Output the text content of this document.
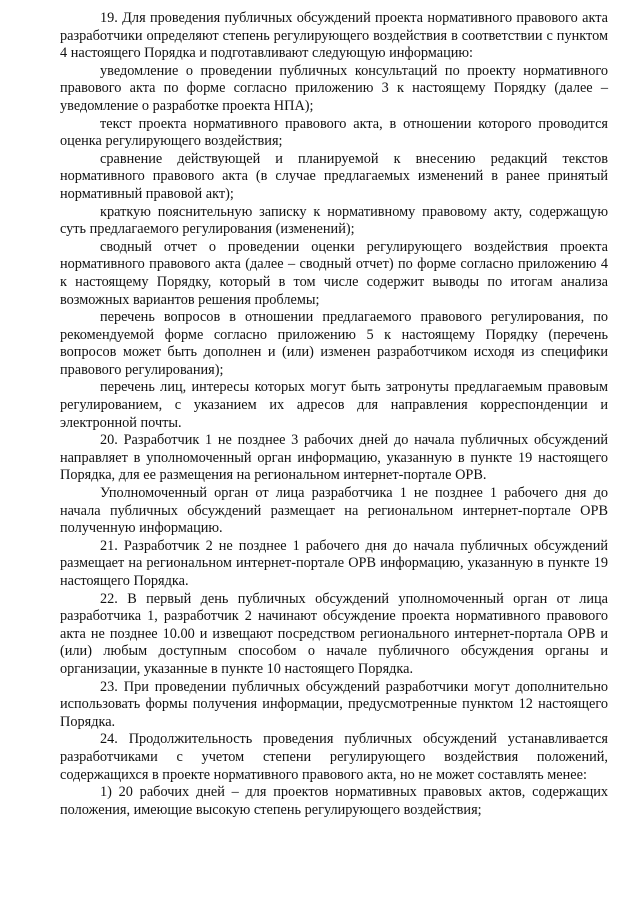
19. Для проведения публичных обсуждений проекта нормативного правового акта разработчики определяют степень регулирующего воздействия в соответствии с пунктом 4 настоящего Порядка и подготавливают следующую информацию:

уведомление о проведении публичных консультаций по проекту нормативного правового акта по форме согласно приложению 3 к настоящему Порядку (далее – уведомление о разработке проекта НПА);

текст проекта нормативного правового акта, в отношении которого проводится оценка регулирующего воздействия;

сравнение действующей и планируемой к внесению редакций текстов нормативного правового акта (в случае предлагаемых изменений в ранее принятый нормативный правовой акт);

краткую пояснительную записку к нормативному правовому акту, содержащую суть предлагаемого регулирования (изменений);

сводный отчет о проведении оценки регулирующего воздействия проекта нормативного правового акта (далее – сводный отчет) по форме согласно приложению 4 к настоящему Порядку, который в том числе содержит выводы по итогам анализа возможных вариантов решения проблемы;

перечень вопросов в отношении предлагаемого правового регулирования, по рекомендуемой форме согласно приложению 5 к настоящему Порядку (перечень вопросов может быть дополнен и (или) изменен разработчиком исходя из специфики правового регулирования);

перечень лиц, интересы которых могут быть затронуты предлагаемым правовым регулированием, с указанием их адресов для направления корреспонденции и электронной почты.

20. Разработчик 1 не позднее 3 рабочих дней до начала публичных обсуждений направляет в уполномоченный орган информацию, указанную в пункте 19 настоящего Порядка, для ее размещения на региональном интернет-портале ОРВ.

Уполномоченный орган от лица разработчика 1 не позднее 1 рабочего дня до начала публичных обсуждений размещает на региональном интернет-портале ОРВ полученную информацию.

21. Разработчик 2 не позднее 1 рабочего дня до начала публичных обсуждений размещает на региональном интернет-портале ОРВ информацию, указанную в пункте 19 настоящего Порядка.

22. В первый день публичных обсуждений уполномоченный орган от лица разработчика 1, разработчик 2 начинают обсуждение проекта нормативного правового акта не позднее 10.00 и извещают посредством регионального интернет-портала ОРВ и (или) любым доступным способом о начале публичного обсуждения органы и организации, указанные в пункте 10 настоящего Порядка.

23. При проведении публичных обсуждений разработчики могут дополнительно использовать формы получения информации, предусмотренные пунктом 12 настоящего Порядка.

24. Продолжительность проведения публичных обсуждений устанавливается разработчиками с учетом степени регулирующего воздействия положений, содержащихся в проекте нормативного правового акта, но не может составлять менее:

1) 20 рабочих дней – для проектов нормативных правовых актов, содержащих положения, имеющие высокую степень регулирующего воздействия;
